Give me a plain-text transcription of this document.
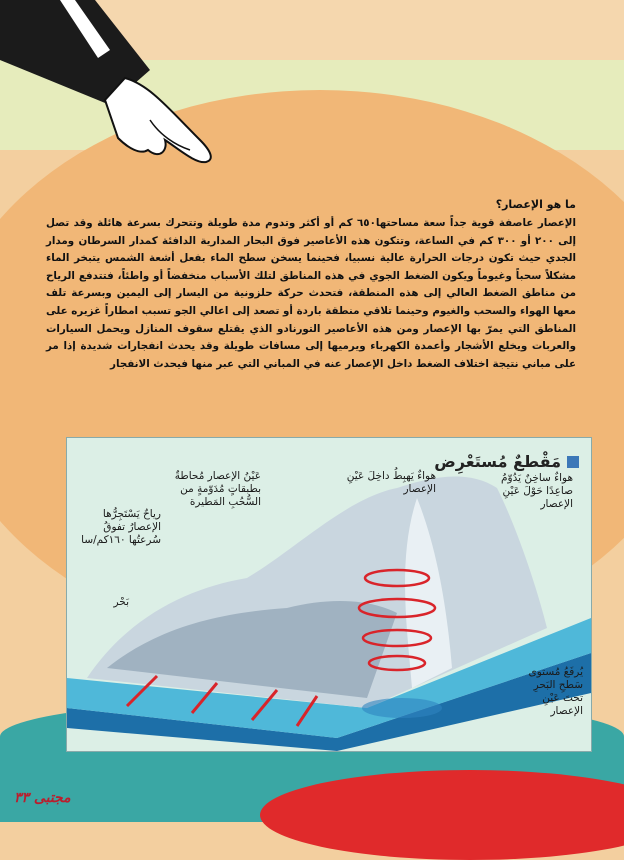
ما هو الإعصار؟

الإعصار عاصفة قوية جداً سعة مساحتها٦٥٠ كم أو أكثر وتدوم مدة طويلة وتتحرك بسرعة هائلة وقد تصل إلى ٢٠٠ أو ٣٠٠ كم في الساعة، وتتكون هذه الأعاصير فوق البحار المدارية الدافئة كمدار السرطان ومدار الجدي حيث تكون درجات الحرارة عالية نسبيا، فحينما يسخن سطح الماء بفعل أشعة الشمس يتبخر الماء مشكلاً سحباً وغيوماً ويكون الضغط الجوي في هذه المناطق لتلك الأسباب منخفضاً أو واطئاً، فتتدفع الرياح من مناطق الضغط العالي إلى هذه المنطقة، فتحدث حركة حلزونية من اليسار إلى اليمين وبسرعة تلف معها الهواء والسحب والغيوم وحينما تلاقي منطقة باردة أو تصعد إلى اعالي الجو تسبب امطاراً غزيره على المناطق التي يمرّ بها الإعصار ومن هذه الأعاصير التورنادو الذي يقتلع سقوف المنازل ويحمل السيارات والعربات ويخلع الأشجار وأعمدة الكهرباء ويرميها إلى مسافات طويلة وقد يحدث انفجارات شديدة إذا مر على مباني نتيجة اختلاف الضغط داخل الإعصار عنه في المباني التي عبر منها فيحدث الانفجار

مَقْطعٌ مُستَعْرِض
هواءٌ ساخِنٌ يَدُوّمُ صاعِدًا حَوْلَ عَيْنِ الإعصار
هواءٌ يَهبِطُ داخِلَ عَيْنِ الإعصار
عَيْنُ الإعصار مُحاطةٌ بطبقاتٍ مُدَوّمةٍ من السُّحُبِ المَطيرة
رياحٌ يَسْتَجِرُّها الإعصارُ تفوقُ سُرعتُها ١٦٠كم/سا
بَحْر
يُرفَعُ مُستوى سَطحِ البَحرِ تحتَ عَيْنِ الإعصار
مجتبى ٣٣
